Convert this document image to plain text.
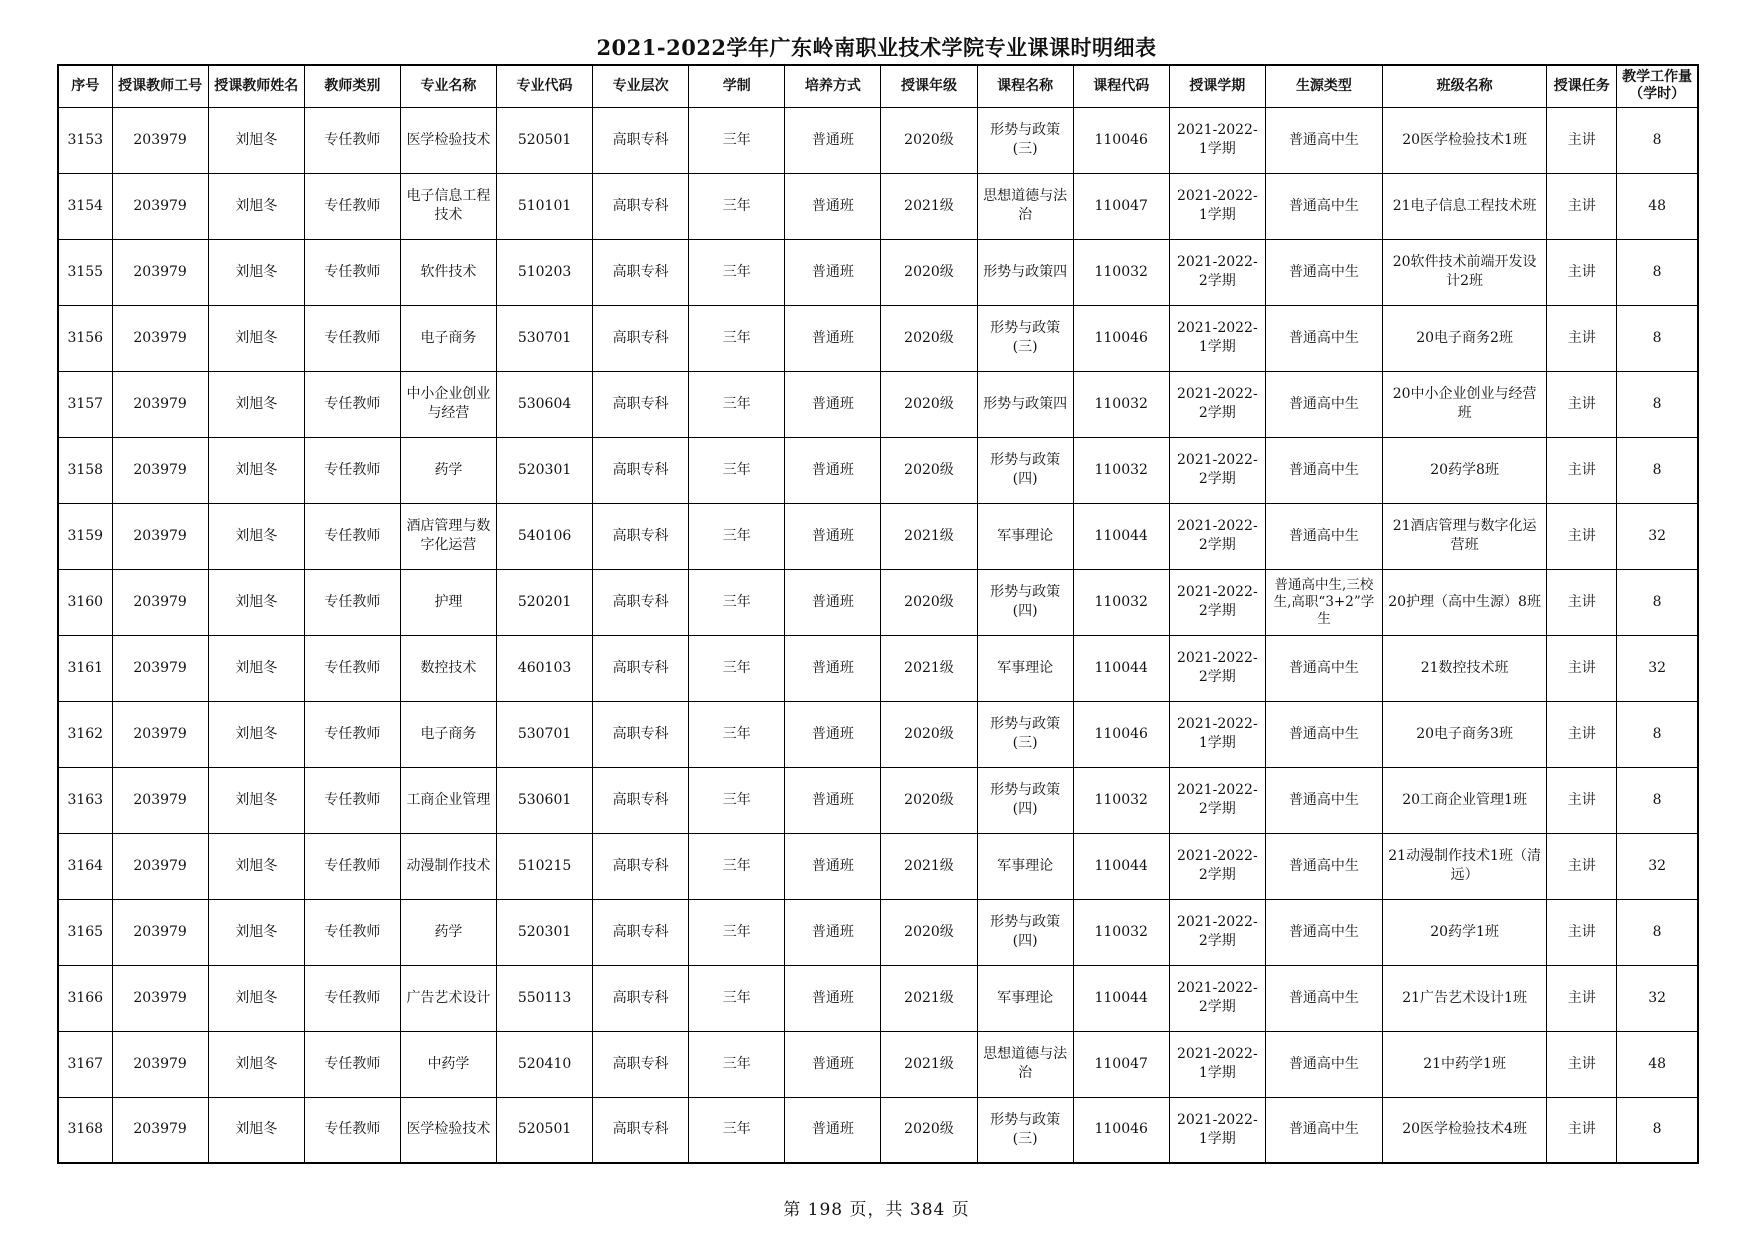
2021-2022学年广东岭南职业技术学院专业课课时明细表
序号	授课教师工号	授课教师姓名	教师类别	专业名称	专业代码	专业层次	学制	培养方式	授课年级	课程名称	课程代码	授课学期	生源类型	班级名称	授课任务	教学工作量（学时）
3153	203979	刘旭冬	专任教师	医学检验技术	520501	高职专科	三年	普通班	2020级	形势与政策(三)	110046	2021-2022-1学期	普通高中生	20医学检验技术1班	主讲	8
3154	203979	刘旭冬	专任教师	电子信息工程技术	510101	高职专科	三年	普通班	2021级	思想道德与法治	110047	2021-2022-1学期	普通高中生	21电子信息工程技术班	主讲	48
3155	203979	刘旭冬	专任教师	软件技术	510203	高职专科	三年	普通班	2020级	形势与政策四	110032	2021-2022-2学期	普通高中生	20软件技术前端开发设计2班	主讲	8
3156	203979	刘旭冬	专任教师	电子商务	530701	高职专科	三年	普通班	2020级	形势与政策(三)	110046	2021-2022-1学期	普通高中生	20电子商务2班	主讲	8
3157	203979	刘旭冬	专任教师	中小企业创业与经营	530604	高职专科	三年	普通班	2020级	形势与政策四	110032	2021-2022-2学期	普通高中生	20中小企业创业与经营班	主讲	8
3158	203979	刘旭冬	专任教师	药学	520301	高职专科	三年	普通班	2020级	形势与政策(四)	110032	2021-2022-2学期	普通高中生	20药学8班	主讲	8
3159	203979	刘旭冬	专任教师	酒店管理与数字化运营	540106	高职专科	三年	普通班	2021级	军事理论	110044	2021-2022-2学期	普通高中生	21酒店管理与数字化运营班	主讲	32
3160	203979	刘旭冬	专任教师	护理	520201	高职专科	三年	普通班	2020级	形势与政策(四)	110032	2021-2022-2学期	普通高中生,三校生,高职“3+2”学生	20护理（高中生源）8班	主讲	8
3161	203979	刘旭冬	专任教师	数控技术	460103	高职专科	三年	普通班	2021级	军事理论	110044	2021-2022-2学期	普通高中生	21数控技术班	主讲	32
3162	203979	刘旭冬	专任教师	电子商务	530701	高职专科	三年	普通班	2020级	形势与政策(三)	110046	2021-2022-1学期	普通高中生	20电子商务3班	主讲	8
3163	203979	刘旭冬	专任教师	工商企业管理	530601	高职专科	三年	普通班	2020级	形势与政策(四)	110032	2021-2022-2学期	普通高中生	20工商企业管理1班	主讲	8
3164	203979	刘旭冬	专任教师	动漫制作技术	510215	高职专科	三年	普通班	2021级	军事理论	110044	2021-2022-2学期	普通高中生	21动漫制作技术1班（清远）	主讲	32
3165	203979	刘旭冬	专任教师	药学	520301	高职专科	三年	普通班	2020级	形势与政策(四)	110032	2021-2022-2学期	普通高中生	20药学1班	主讲	8
3166	203979	刘旭冬	专任教师	广告艺术设计	550113	高职专科	三年	普通班	2021级	军事理论	110044	2021-2022-2学期	普通高中生	21广告艺术设计1班	主讲	32
3167	203979	刘旭冬	专任教师	中药学	520410	高职专科	三年	普通班	2021级	思想道德与法治	110047	2021-2022-1学期	普通高中生	21中药学1班	主讲	48
3168	203979	刘旭冬	专任教师	医学检验技术	520501	高职专科	三年	普通班	2020级	形势与政策(三)	110046	2021-2022-1学期	普通高中生	20医学检验技术4班	主讲	8
第 198 页，共 384 页
